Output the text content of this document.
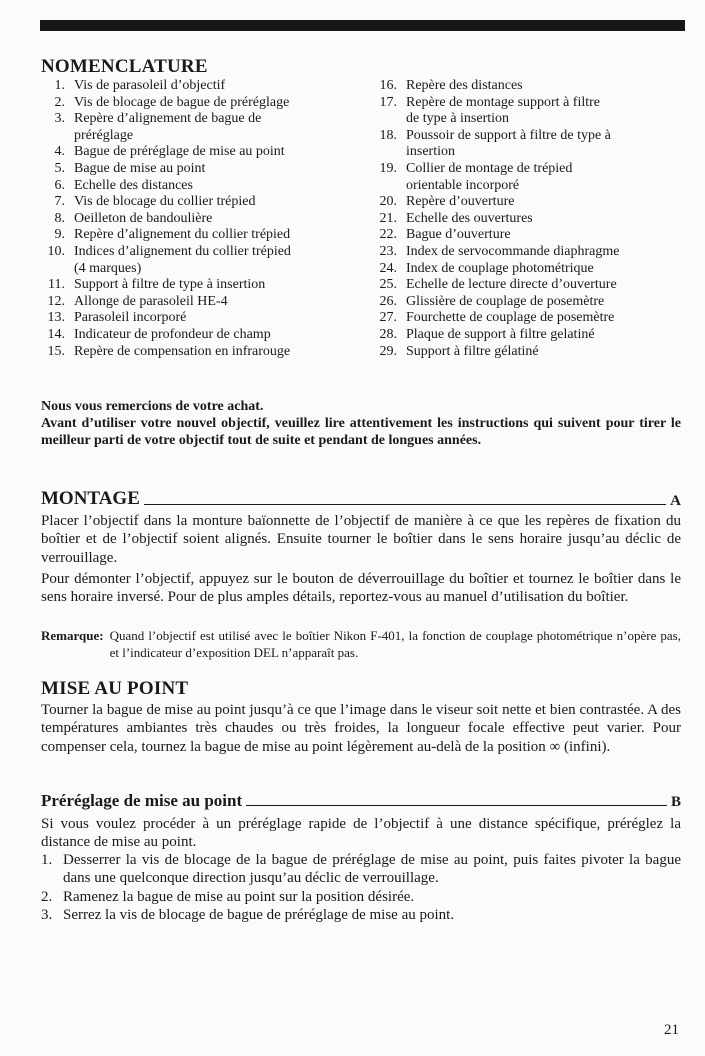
NOMENCLATURE
1. Vis de parasoleil d’objectif
2. Vis de blocage de bague de préréglage
3. Repère d’alignement de bague de
préréglage
4. Bague de préréglage de mise au point
5. Bague de mise au point
6. Echelle des distances
7. Vis de blocage du collier trépied
8. Oeilleton de bandoulière
9. Repère d’alignement du collier trépied
10. Indices d’alignement du collier trépied
(4 marques)
11. Support à filtre de type à insertion
12. Allonge de parasoleil HE-4
13. Parasoleil incorporé
14. Indicateur de profondeur de champ
15. Repère de compensation en infrarouge
16. Repère des distances
17. Repère de montage support à filtre
de type à insertion
18. Poussoir de support à filtre de type à
insertion
19. Collier de montage de trépied
orientable incorporé
20. Repère d’ouverture
21. Echelle des ouvertures
22. Bague d’ouverture
23. Index de servocommande diaphragme
24. Index de couplage photométrique
25. Echelle de lecture directe d’ouverture
26. Glissière de couplage de posemètre
27. Fourchette de couplage de posemètre
28. Plaque de support à filtre gelatiné
29. Support à filtre gélatiné

Nous vous remercions de votre achat.

Avant d’utiliser votre nouvel objectif, veuillez lire attentivement les instructions qui suivent pour tirer le meilleur parti de votre objectif tout de suite et pendant de longues années.

MONTAGE	A

Placer l’objectif dans la monture baïonnette de l’objectif de manière à ce que les repères de fixation du boîtier et de l’objectif soient alignés. Ensuite tourner le boîtier dans le sens horaire jusqu’au déclic de verrouillage.

Pour démonter l’objectif, appuyez sur le bouton de déverrouillage du boîtier et tournez le boîtier dans le sens horaire inversé. Pour de plus amples détails, reportez-vous au manuel d’utilisation du boîtier.

Remarque: Quand l’objectif est utilisé avec le boîtier Nikon F-401, la fonction de couplage photométrique n’opère pas, et l’indicateur d’exposition DEL n’apparaît pas.
MISE AU POINT

Tourner la bague de mise au point jusqu’à ce que l’image dans le viseur soit nette et bien contrastée. A des températures ambiantes très chaudes ou très froides, la longueur focale effective peut varier. Pour compenser cela, tournez la bague de mise au point légèrement au-delà de la position ∞ (infini).

Préréglage de mise au point	B

Si vous voulez procéder à un préréglage rapide de l’objectif à une distance spécifique, préréglez la distance de mise au point.

1. Desserrer la vis de blocage de la bague de préréglage de mise au point, puis faites pivoter la bague dans une quelconque direction jusqu’au déclic de verrouillage.
2. Ramenez la bague de mise au point sur la position désirée.
3. Serrez la vis de blocage de bague de préréglage de mise au point.
21
